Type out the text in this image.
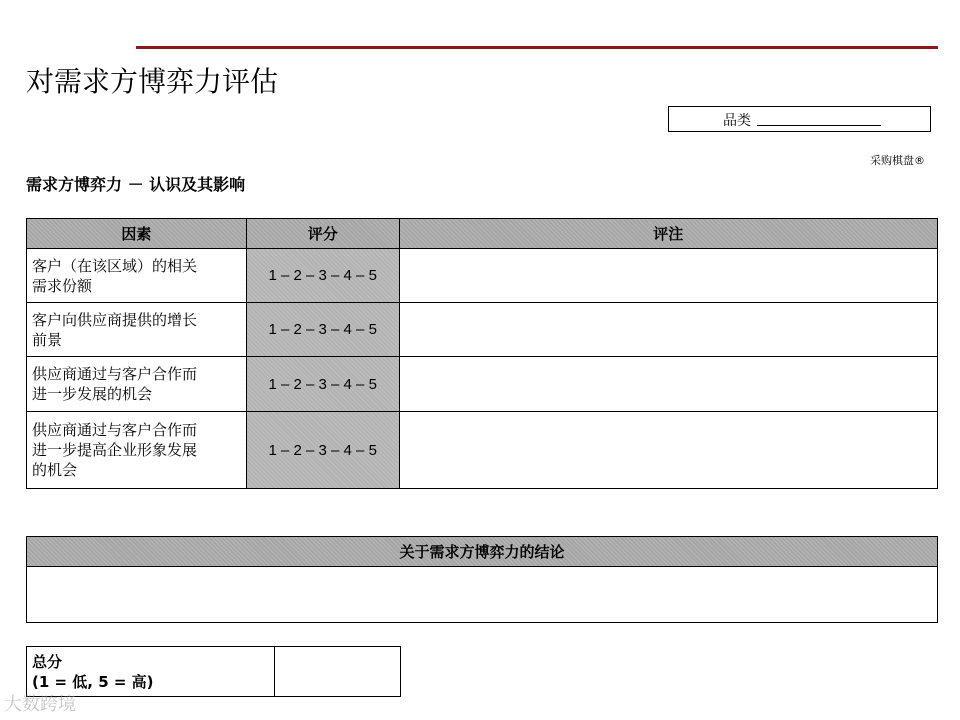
对需求方博弈力评估
品类
采购棋盘®
需求方博弈力 － 认识及其影响
因素	评分	评注

客户（在该区域）的相关
需求份额	1 – 2 – 3 – 4 – 5	

客户向供应商提供的增长
前景	1 – 2 – 3 – 4 – 5	

供应商通过与客户合作而
进一步发展的机会	1 – 2 – 3 – 4 – 5	

供应商通过与客户合作而
进一步提高企业形象发展
的机会	1 – 2 – 3 – 4 – 5	
关于需求方博弈力的结论

总分
(1 = 低, 5 = 高)

大数跨境
